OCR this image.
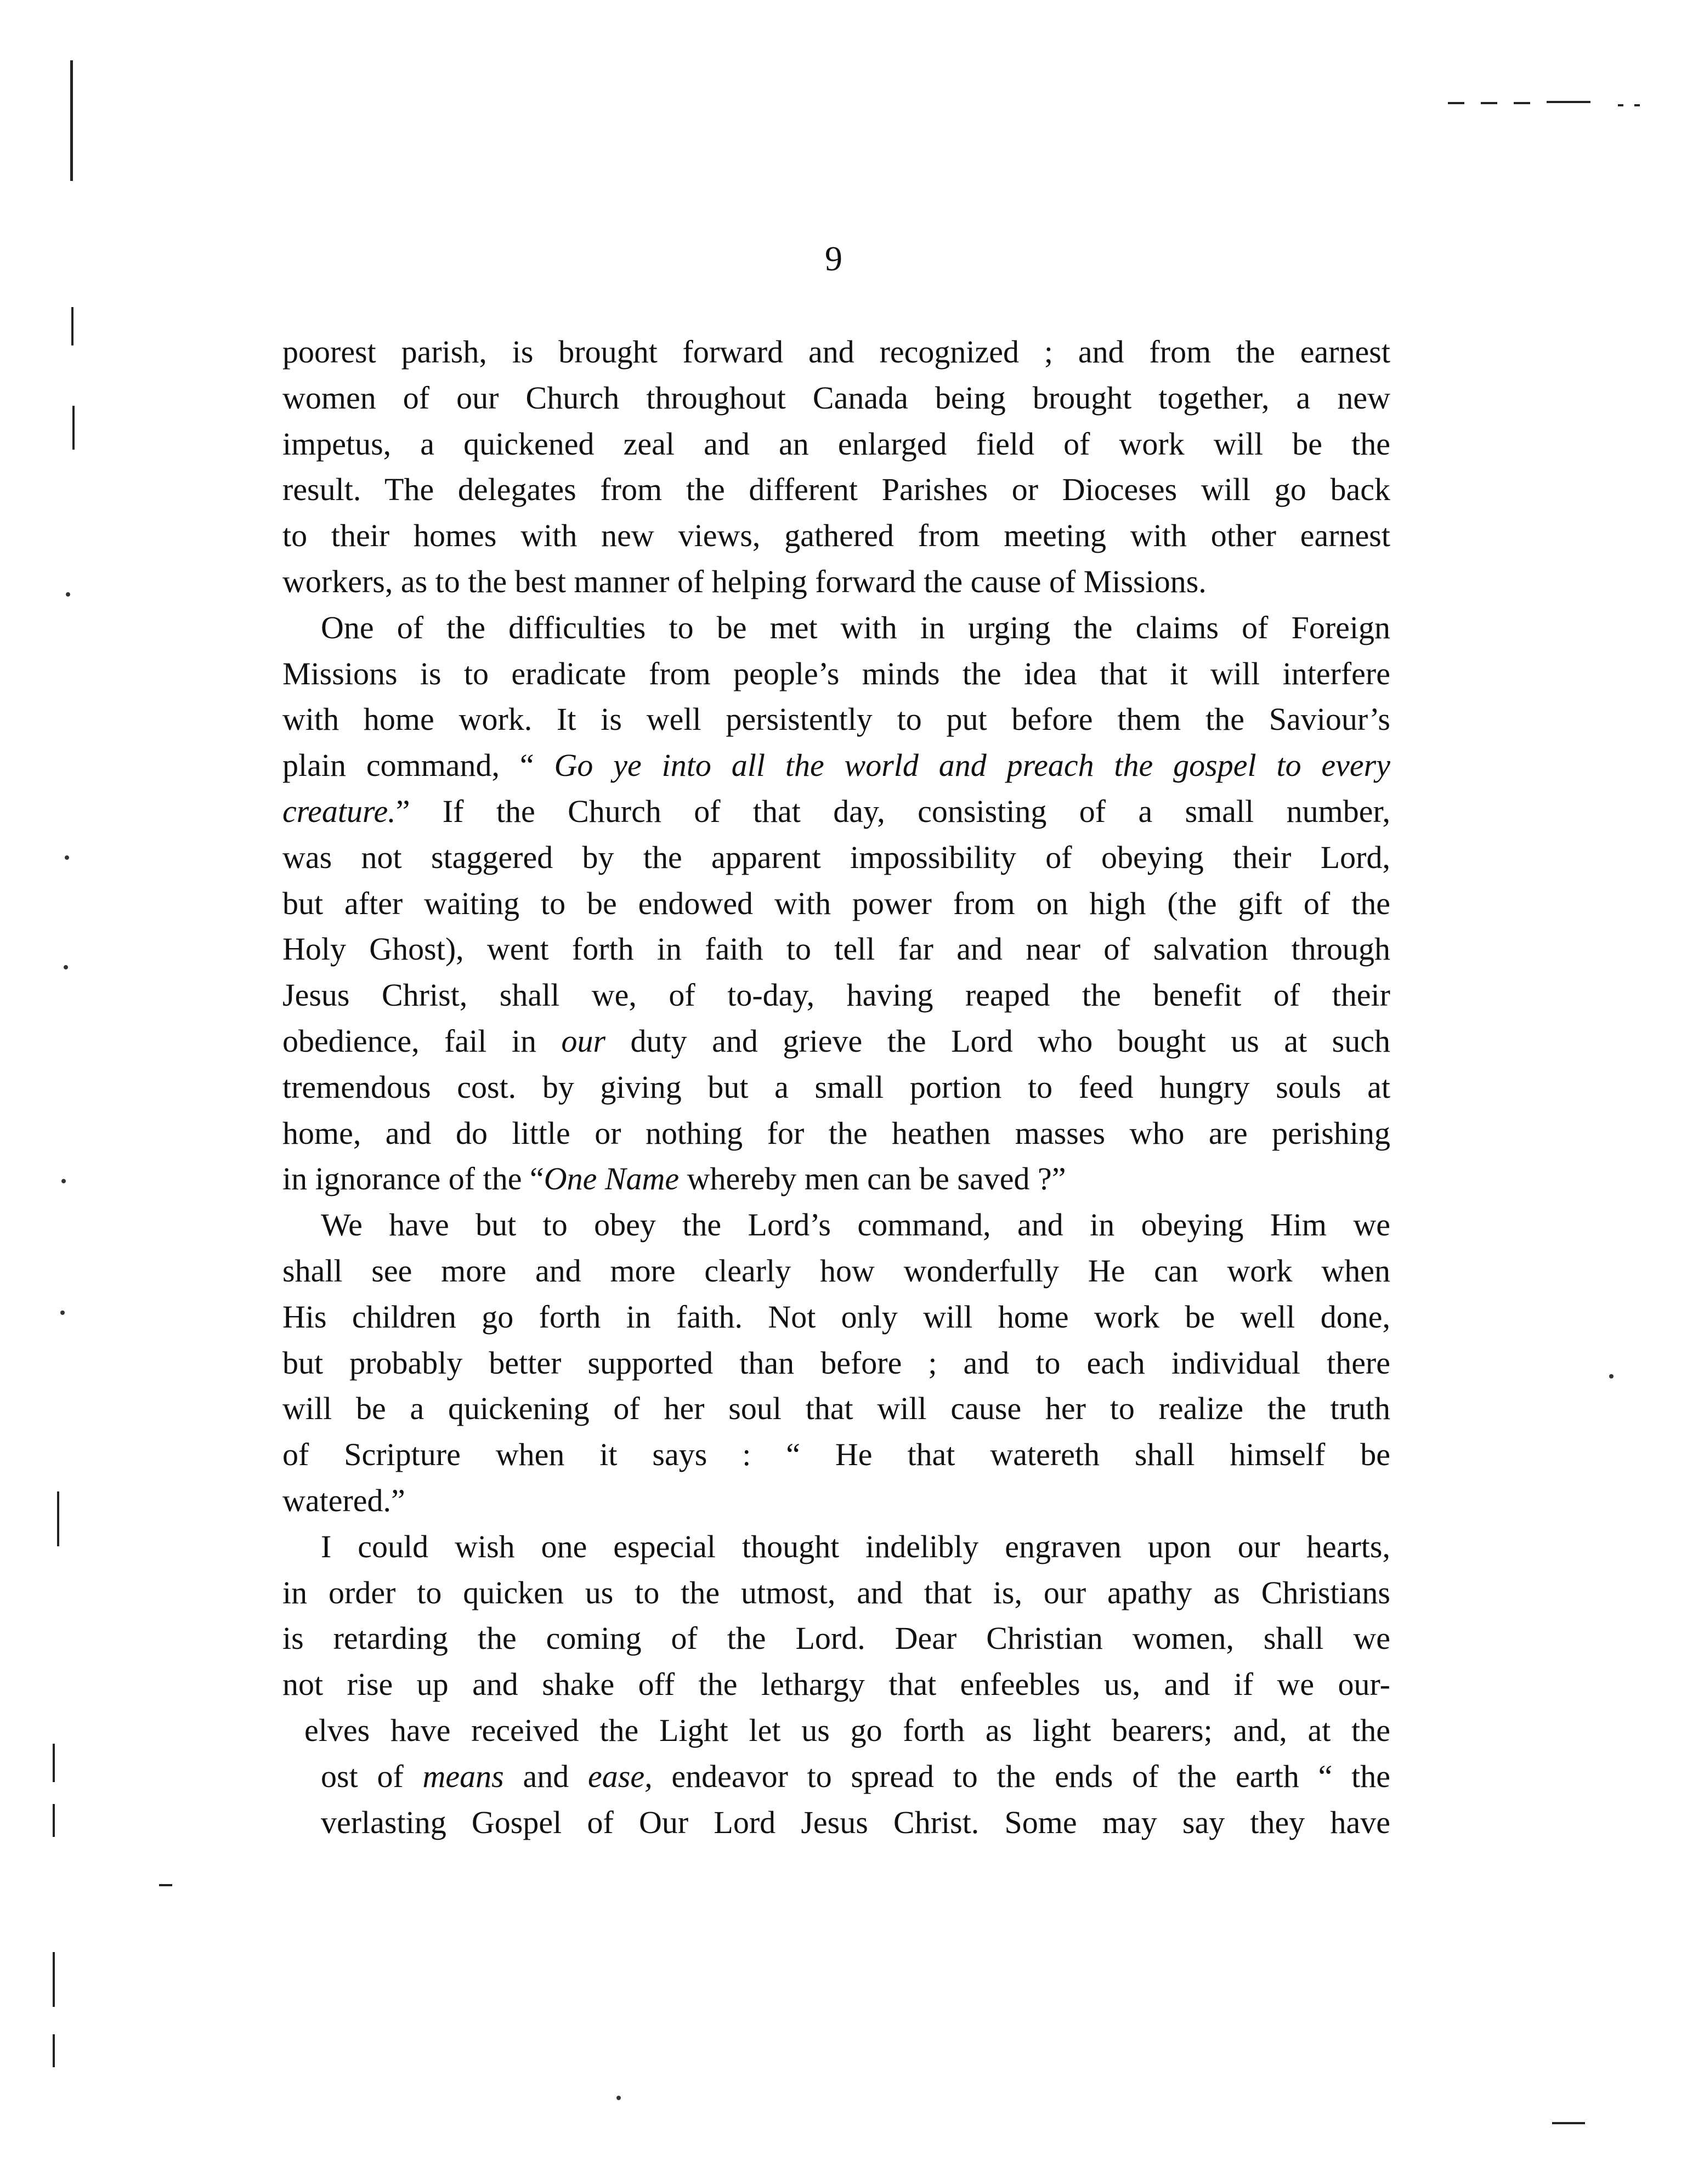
9
poorest parish, is brought forward and recognized ; and from the earnest
women of our Church throughout Canada being brought together, a new
impetus, a quickened zeal and an enlarged field of work will be the
result. The delegates from the different Parishes or Dioceses will go back
to their homes with new views, gathered from meeting with other earnest
workers, as to the best manner of helping forward the cause of Missions.
One of the difficulties to be met with in urging the claims of Foreign
Missions is to eradicate from people’s minds the idea that it will interfere
with home work. It is well persistently to put before them the Saviour’s
plain command, “ Go ye into all the world and preach the gospel to every
creature.” If the Church of that day, consisting of a small number,
was not staggered by the apparent impossibility of obeying their Lord,
but after waiting to be endowed with power from on high (the gift of the
Holy Ghost), went forth in faith to tell far and near of salvation through
Jesus Christ, shall we, of to-day, having reaped the benefit of their
obedience, fail in our duty and grieve the Lord who bought us at such
tremendous cost. by giving but a small portion to feed hungry souls at
home, and do little or nothing for the heathen masses who are perishing
in ignorance of the “One Name whereby men can be saved ?”
We have but to obey the Lord’s command, and in obeying Him we
shall see more and more clearly how wonderfully He can work when
His children go forth in faith. Not only will home work be well done,
but probably better supported than before ; and to each individual there
will be a quickening of her soul that will cause her to realize the truth
of Scripture when it says : “ He that watereth shall himself be
watered.”
I could wish one especial thought indelibly engraven upon our hearts,
in order to quicken us to the utmost, and that is, our apathy as Christians
is retarding the coming of the Lord. Dear Christian women, shall we
not rise up and shake off the lethargy that enfeebles us, and if we our-
elves have received the Light let us go forth as light bearers; and, at the
ost of means and ease, endeavor to spread to the ends of the earth “ the
verlasting Gospel of Our Lord Jesus Christ. Some may say they have
